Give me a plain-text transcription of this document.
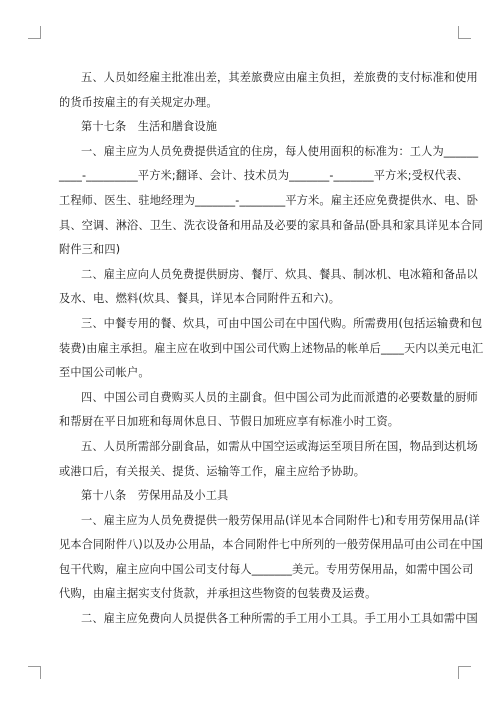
五、人员如经雇主批准出差，其差旅费应由雇主负担，差旅费的支付标准和使用
的货币按雇主的有关规定办理。
第十七条　生活和膳食设施
一、雇主应为人员免费提供适宜的住房，每人使用面积的标准为：工人为______
____-_________平方米;翻译、会计、技术员为_______-_______平方米;受权代表、
工程师、医生、驻地经理为_______-________平方米。雇主还应免费提供水、电、卧
具、空调、淋浴、卫生、洗衣设备和用品及必要的家具和备品(卧具和家具详见本合同
附件三和四)
二、雇主应向人员免费提供厨房、餐厅、炊具、餐具、制冰机、电冰箱和备品以
及水、电、燃料(炊具、餐具，详见本合同附件五和六)。
三、中餐专用的餐、炊具，可由中国公司在中国代购。所需费用(包括运输费和包
装费)由雇主承担。雇主应在收到中国公司代购上述物品的帐单后____天内以美元电汇
至中国公司帐户。
四、中国公司自费购买人员的主副食。但中国公司为此而派遣的必要数量的厨师
和帮厨在平日加班和每周休息日、节假日加班应享有标准小时工资。
五、人员所需部分副食品，如需从中国空运或海运至项目所在国，物品到达机场
或港口后，有关报关、提货、运输等工作，雇主应给予协助。
第十八条　劳保用品及小工具
一、雇主应为人员免费提供一般劳保用品(详见本合同附件七)和专用劳保用品(详
见本合同附件八)以及办公用品，本合同附件七中所列的一般劳保用品可由公司在中国
包干代购，雇主应向中国公司支付每人_______美元。专用劳保用品，如需中国公司
代购，由雇主据实支付货款，并承担这些物资的包装费及运费。
二、雇主应免费向人员提供各工种所需的手工用小工具。手工用小工具如需中国
